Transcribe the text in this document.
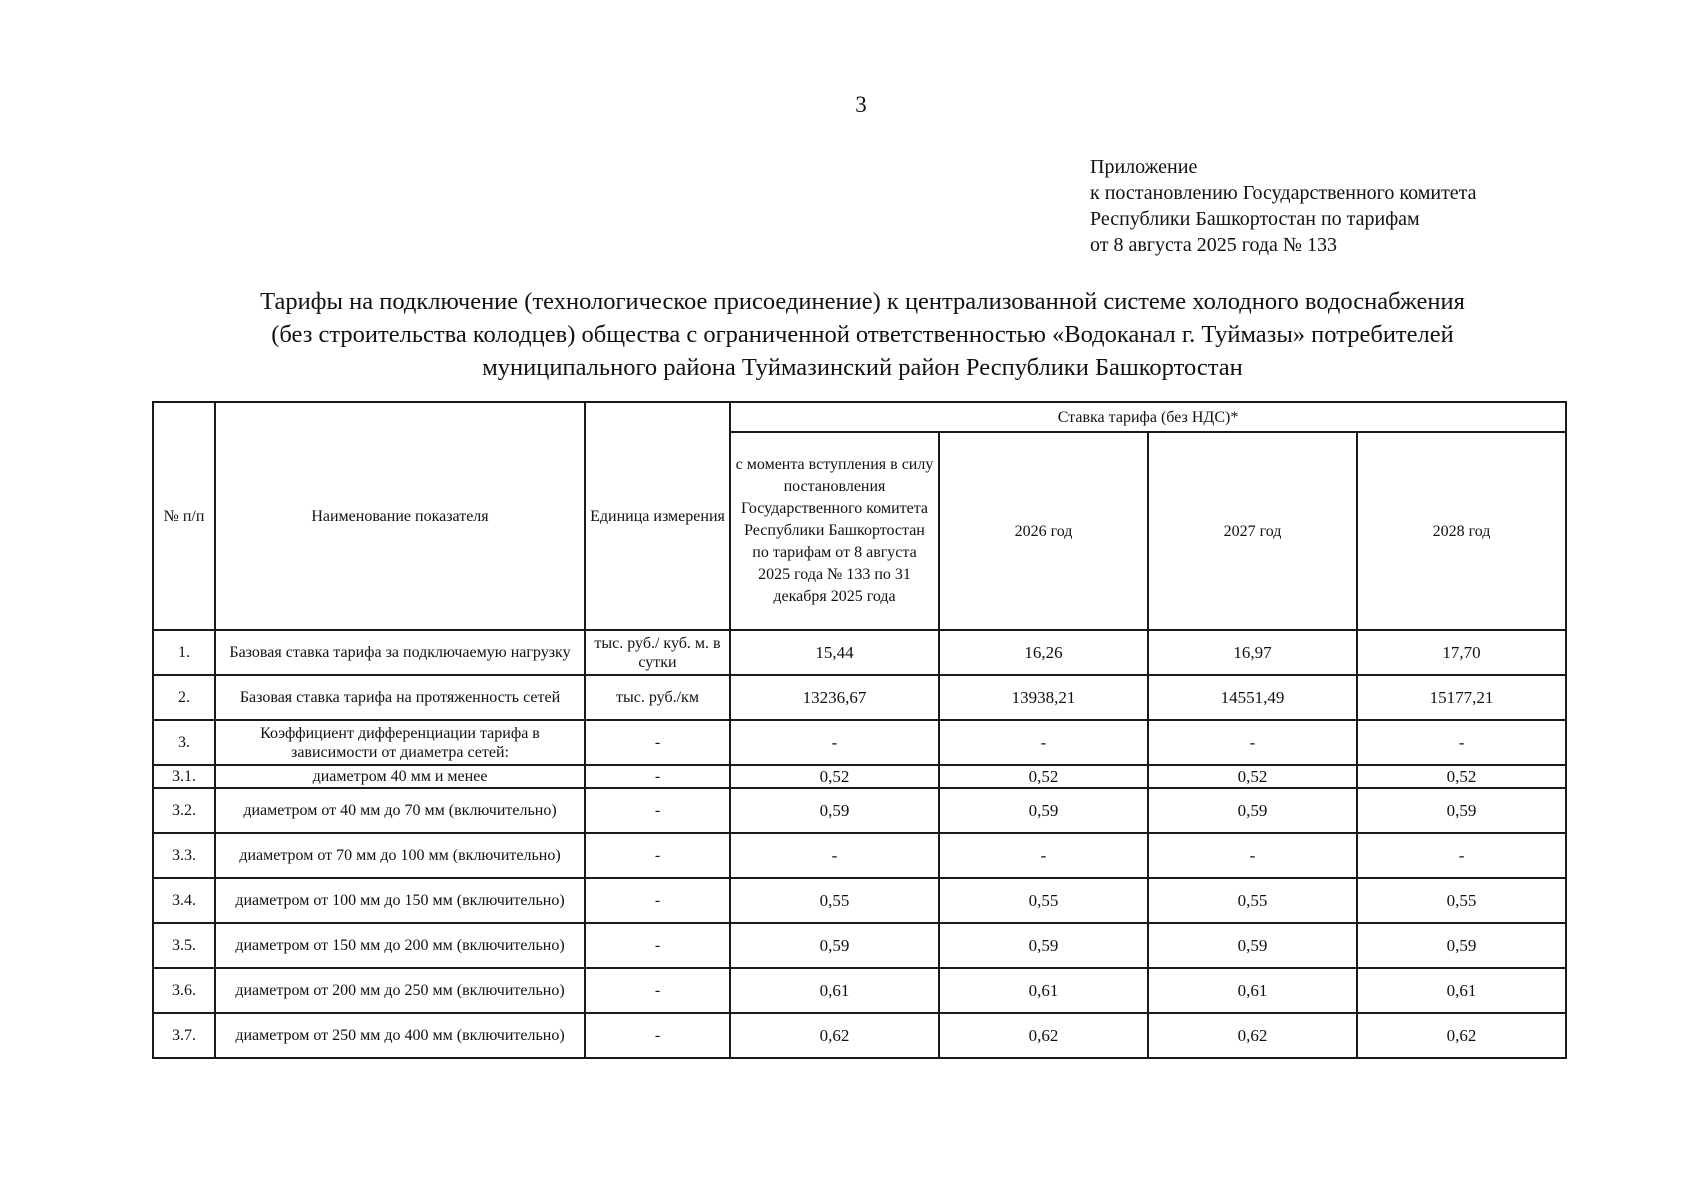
3
Приложение
к постановлению Государственного комитета
Республики Башкортостан по тарифам
от 8 августа 2025 года № 133
Тарифы на подключение (технологическое присоединение) к централизованной системе холодного водоснабжения
(без строительства колодцев) общества с ограниченной ответственностью «Водоканал г. Туймазы» потребителей
муниципального района Туймазинский район Республики Башкортостан
№ п/п	Наименование показателя	Единица измерения	Ставка тарифа (без НДС)*			
			с момента вступления в силу постановления Государственного комитета Республики Башкортостан по тарифам от 8 августа 2025 года № 133 по 31 декабря 2025 года	2026 год	2027 год	2028 год
1.	Базовая ставка тарифа за подключаемую нагрузку	тыс. руб./ куб. м. в сутки	15,44	16,26	16,97	17,70
2.	Базовая ставка тарифа на протяженность сетей	тыс. руб./км	13236,67	13938,21	14551,49	15177,21
3.	Коэффициент дифференциации тарифа в зависимости от диаметра сетей:	-	-	-	-	-
3.1.	диаметром 40 мм и менее	-	0,52	0,52	0,52	0,52
3.2.	диаметром от 40 мм до 70 мм (включительно)	-	0,59	0,59	0,59	0,59
3.3.	диаметром от 70 мм до 100 мм (включительно)	-	-	-	-	-
3.4.	диаметром от 100 мм до 150 мм (включительно)	-	0,55	0,55	0,55	0,55
3.5.	диаметром от 150 мм до 200 мм (включительно)	-	0,59	0,59	0,59	0,59
3.6.	диаметром от 200 мм до 250 мм (включительно)	-	0,61	0,61	0,61	0,61
3.7.	диаметром от 250 мм до 400 мм (включительно)	-	0,62	0,62	0,62	0,62
